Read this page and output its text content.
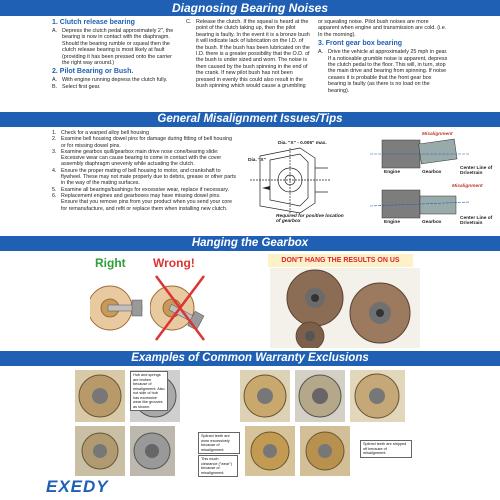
Diagnosing Bearing Noises
1. Clutch release bearing
A. Depress the clutch pedal approximately 2", the bearing is now in contact with the diaphragm. Should the bearing rumble or squeal then the clutch release bearing is most likely at fault (providing it has been pressed onto the carrier the right way around.)
2. Pilot Bearing or Bush.
A. With engine running depress the clutch fully.
B. Select first gear.
C. Release the clutch. If the squeal is heard at the point of the clutch taking up, then the pilot bearing is faulty. In the event it is a bronze bush it will indicate lack of lubrication on the I.D. of the bush. If the bush has been lubricated on the I.D. there is a greater possibility that the O.D. of the bush is under sized and worn. The noise is then caused by the bush spinning in the end of the crank. If new pilot bush has not been pressed in evenly this could also result in the bush spinning which would cause a grumbling
or squealing noise. Pilot bush noises are more apparent when engine and transmission are cold. (i.e. In the morning).
3. Front gear box bearing
A. Drive the vehicle at approximately 25 mph in gear. If a noticeable grumble noise is apparent, depress the clutch pedal to the floor. This will, in turn, stop the main drive and bearing from spinning. If noise ceases it is probable that the front gear box bearing is faulty (as there is no load on the bearing).
General Misalignment Issues/Tips
1. Check for a warped alloy bell housing
2. Examine bell housing dowel pins for damage during fitting of bell housing or for missing dowel pins.
3. Examine gearbox quill/gearbox main drive nose cone/bearing slide: Excessive wear can cause bearing to come in contact with the cover assembly diaphragm unevenly while actuating the clutch.
4. Ensure the proper mating of bell housing to motor, and crankshaft to flywheel. These may not mate properly due to debris, grease or other parts in the way of the mating surfaces.
5. Examine all bearings/bushings for excessive wear, replace if necessary.
6. Replacement engines and gearboxes may have missing dowel pins. Ensure that you remove pins from your product when you send your core for remanufacture, and refit or replace them when installing new clutch.
Dia. "X"
Dia. "X" - 0.005" max.
Required for positive location of gearbox
Misalignment
Engine	Gearbox
Center Line of Drivetrain
Misalignment
Engine	Gearbox
Center Line of Drivetrain
Hanging the Gearbox
Right Wrong!	DON'T HANG THE RESULTS ON US
Examples of Common Warranty Exclusions
Hub and springs are broken because of misalignment. Also not side of hub has excessive wear like grooves as shown.
Splined teeth are worn excessively because of misalignment.
This much clearance ("wear") because of misalignment.
Splined teeth are stripped off because of misalignment.
EXEDY
